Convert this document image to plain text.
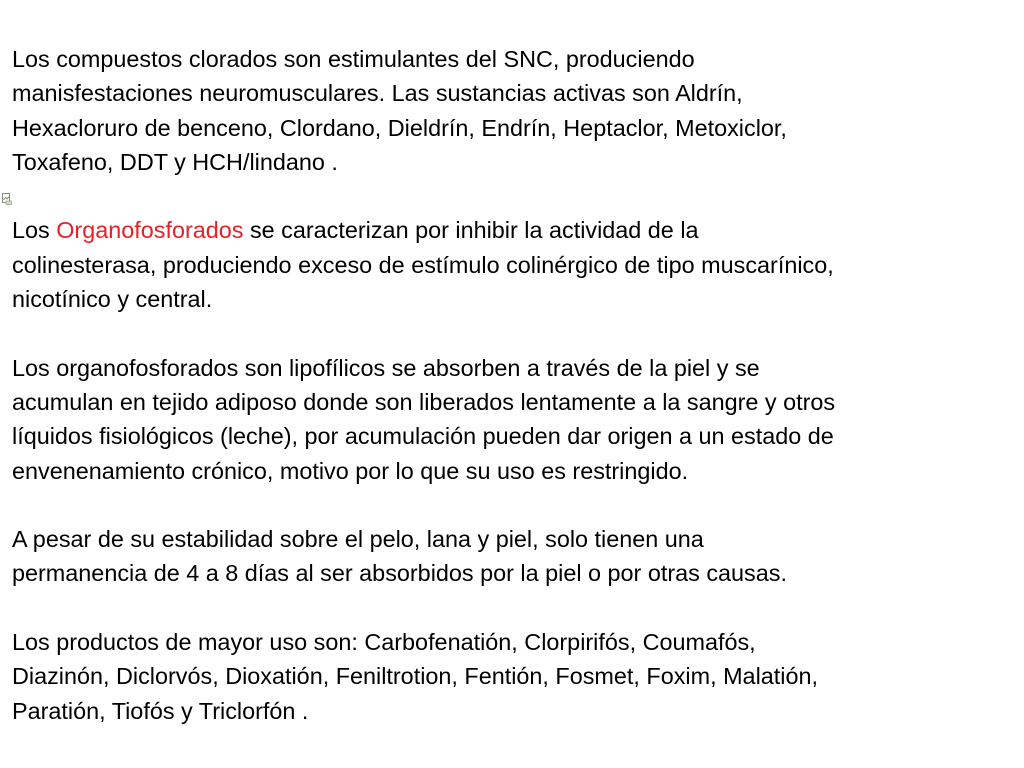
Los compuestos clorados son estimulantes del SNC, produciendo
manisfestaciones neuromusculares. Las sustancias activas son Aldrín,
Hexacloruro de benceno, Clordano, Dieldrín, Endrín, Heptaclor, Metoxiclor,
Toxafeno, DDT y HCH/lindano .

Los Organofosforados se caracterizan por inhibir la actividad de la
colinesterasa, produciendo exceso de estímulo colinérgico de tipo muscarínico,
nicotínico y central.

Los organofosforados son lipofílicos se absorben a través de la piel y se
acumulan en tejido adiposo donde son liberados lentamente a la sangre y otros
líquidos fisiológicos (leche), por acumulación pueden dar origen a un estado de
envenenamiento crónico, motivo por lo que su uso es restringido.

A pesar de su estabilidad sobre el pelo, lana y piel, solo tienen una
permanencia de 4 a 8 días al ser absorbidos por la piel o por otras causas.

Los productos de mayor uso son: Carbofenatión, Clorpirifós, Coumafós,
Diazinón, Diclorvós, Dioxatión, Feniltrotion, Fentión, Fosmet, Foxim, Malatión,
Paratión, Tiofós y Triclorfón .
